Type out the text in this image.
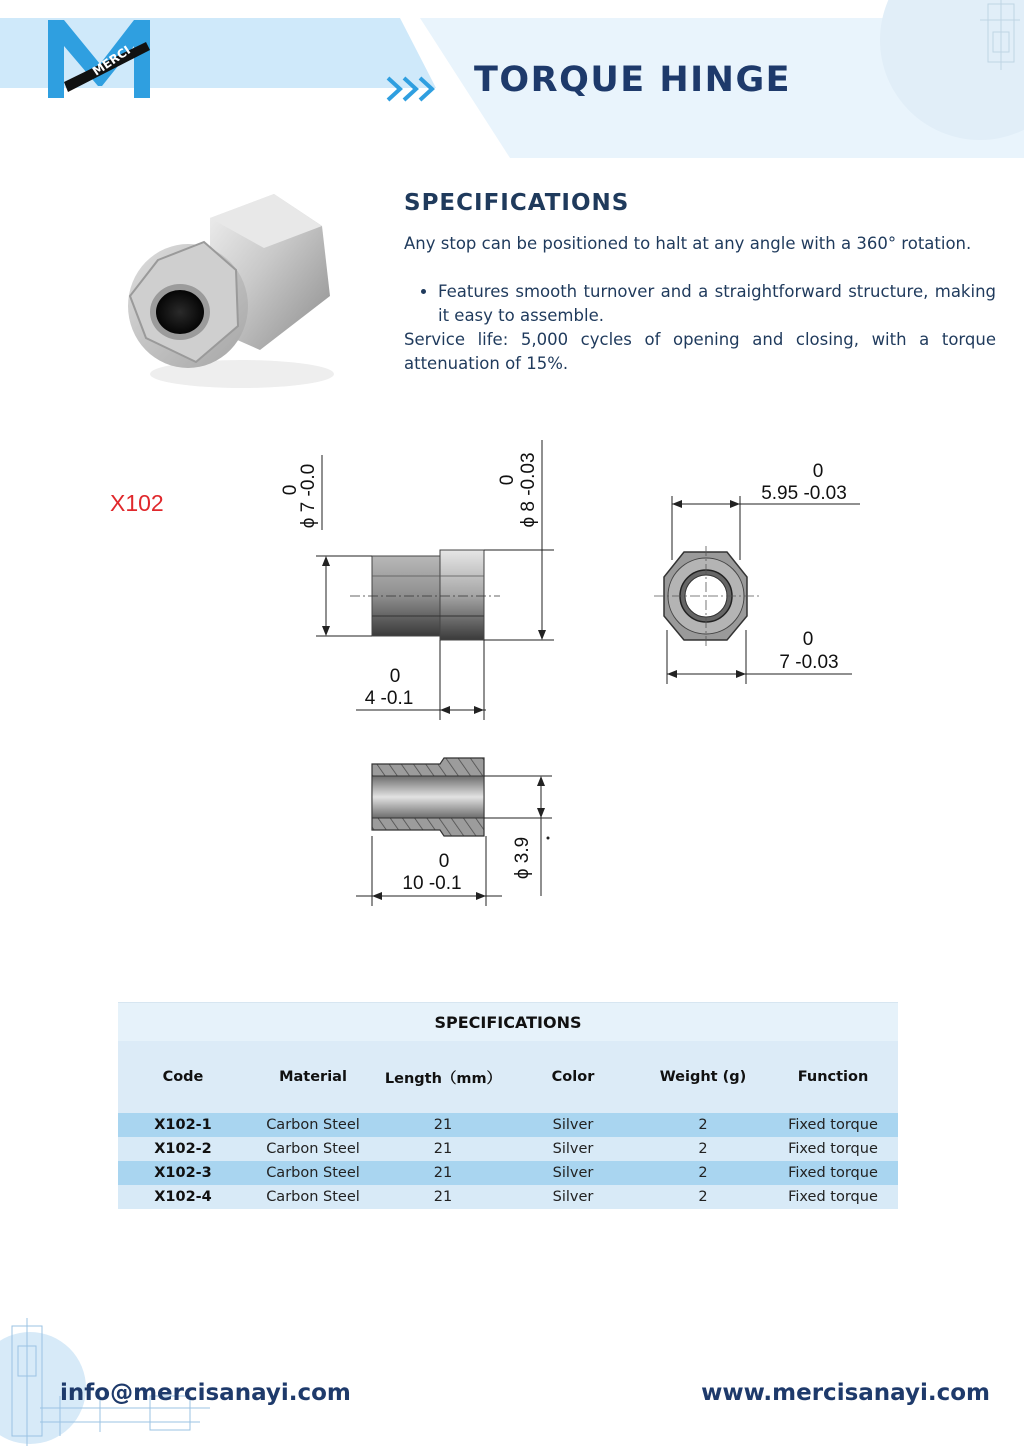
MERCI	TORQUE HINGE
SPECIFICATIONS

Any stop can be positioned to halt at any angle with a 360° rotation.

• Features smooth turnover and a straightforward structure, making it easy to assemble.

Service life: 5,000 cycles of opening and closing, with a torque attenuation of 15%.

X102	0
ϕ 7 -0.0	0 ϕ 8 -0.03
0
4 -0.1
0
5.95 -0.03
0
7 -0.03
ϕ 3.9
0
10 -0.1
SPECIFICATIONS					
Code	Material	Length（mm）	Color	Weight (g)	Function
X102-1	Carbon Steel	21	Silver	2	Fixed torque
X102-2	Carbon Steel	21	Silver	2	Fixed torque
X102-3	Carbon Steel	21	Silver	2	Fixed torque
X102-4	Carbon Steel	21	Silver	2	Fixed torque
info@mercisanayi.com	www.mercisanayi.com
